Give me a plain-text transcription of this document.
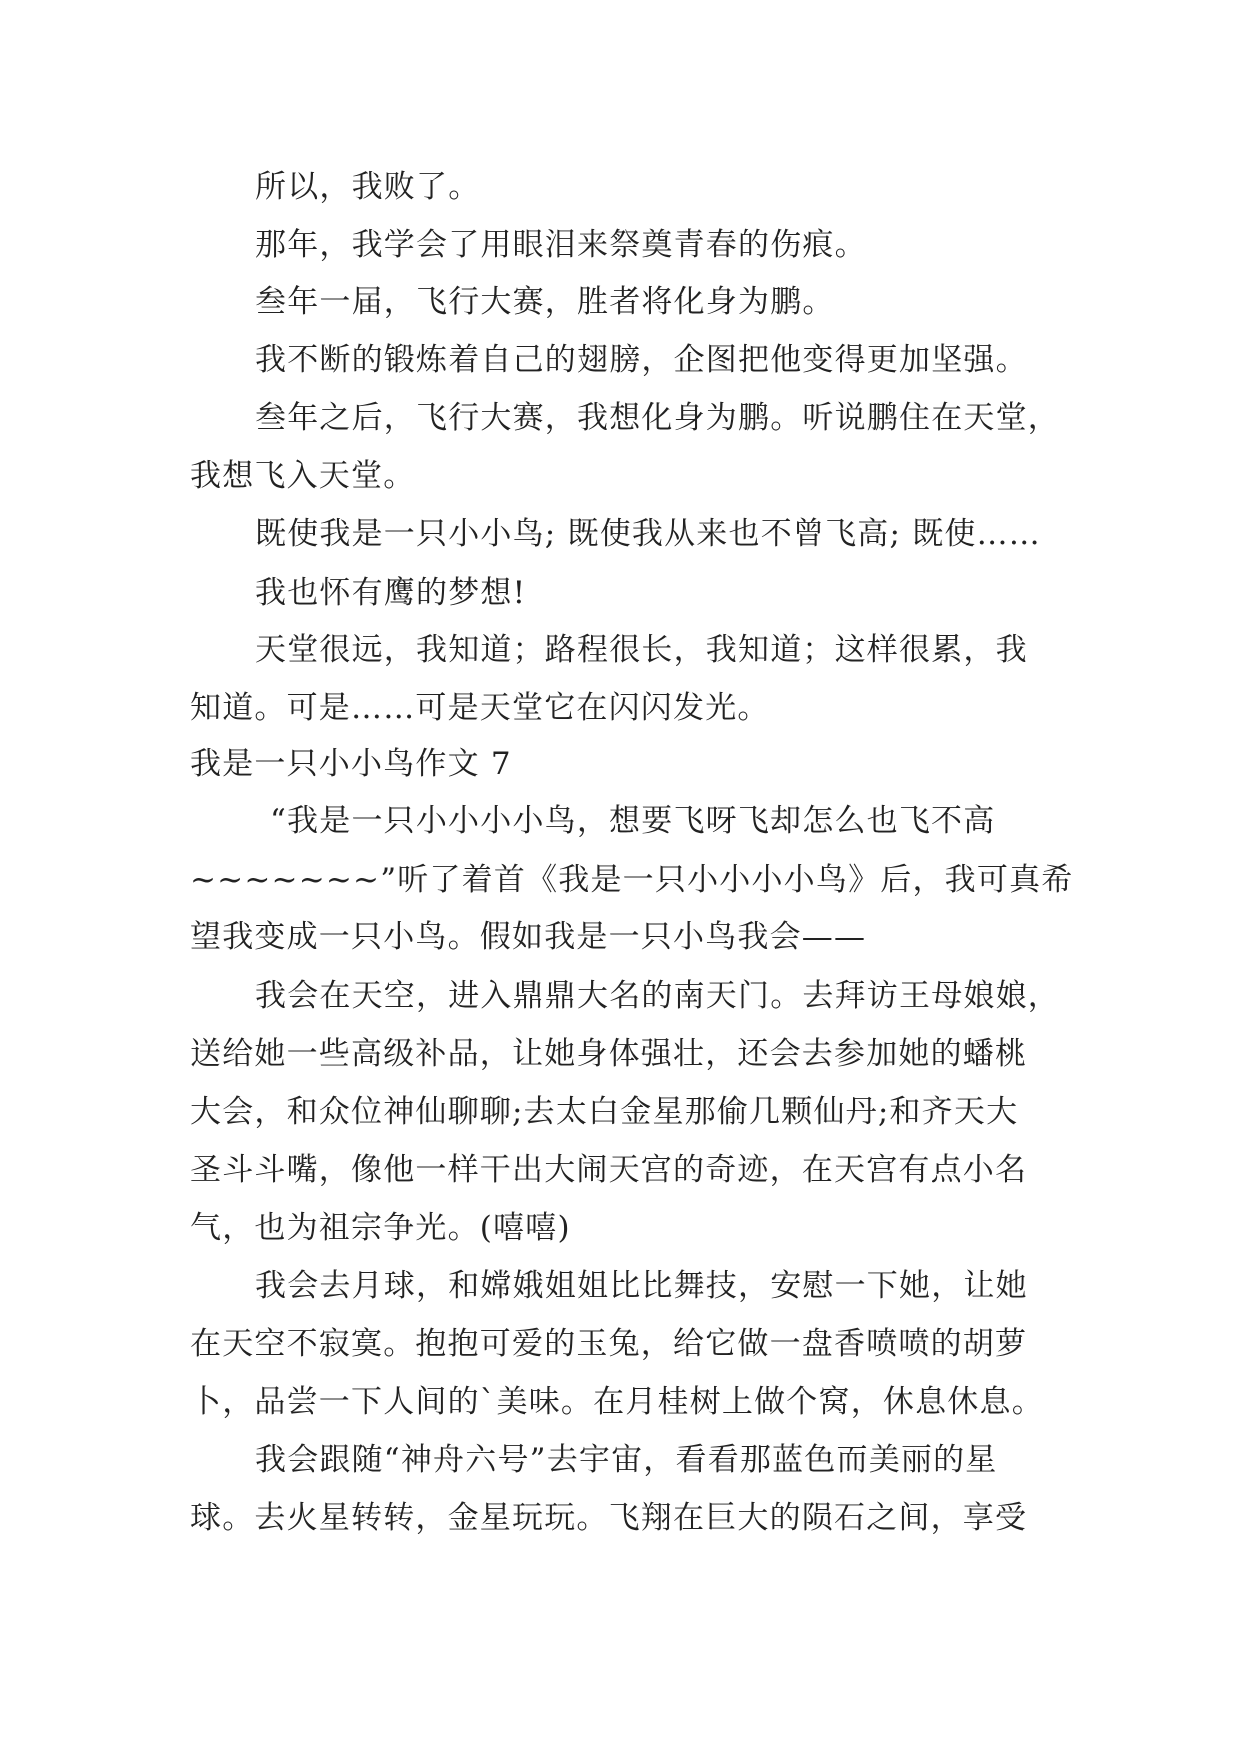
所以，我败了。
那年，我学会了用眼泪来祭奠青春的伤痕。
叁年一届，飞行大赛，胜者将化身为鹏。
我不断的锻炼着自己的翅膀，企图把他变得更加坚强。
叁年之后，飞行大赛，我想化身为鹏。听说鹏住在天堂，
我想飞入天堂。
既使我是一只小小鸟; 既使我从来也不曾飞高; 既使……
我也怀有鹰的梦想!
天堂很远，我知道；路程很长，我知道；这样很累，我
知道。可是……可是天堂它在闪闪发光。
我是一只小小鸟作文 7
“我是一只小小小小鸟，想要飞呀飞却怎么也飞不高
~~~~~~~”听了着首《我是一只小小小小鸟》后，我可真希
望我变成一只小鸟。假如我是一只小鸟我会——
我会在天空，进入鼎鼎大名的南天门。去拜访王母娘娘，
送给她一些高级补品，让她身体强壮，还会去参加她的蟠桃
大会，和众位神仙聊聊;去太白金星那偷几颗仙丹;和齐天大
圣斗斗嘴，像他一样干出大闹天宫的奇迹，在天宫有点小名
气，也为祖宗争光。(嘻嘻)
我会去月球，和嫦娥姐姐比比舞技，安慰一下她，让她
在天空不寂寞。抱抱可爱的玉兔，给它做一盘香喷喷的胡萝
卜，品尝一下人间的`美味。在月桂树上做个窝，休息休息。
我会跟随“神舟六号”去宇宙，看看那蓝色而美丽的星
球。去火星转转，金星玩玩。飞翔在巨大的陨石之间，享受
